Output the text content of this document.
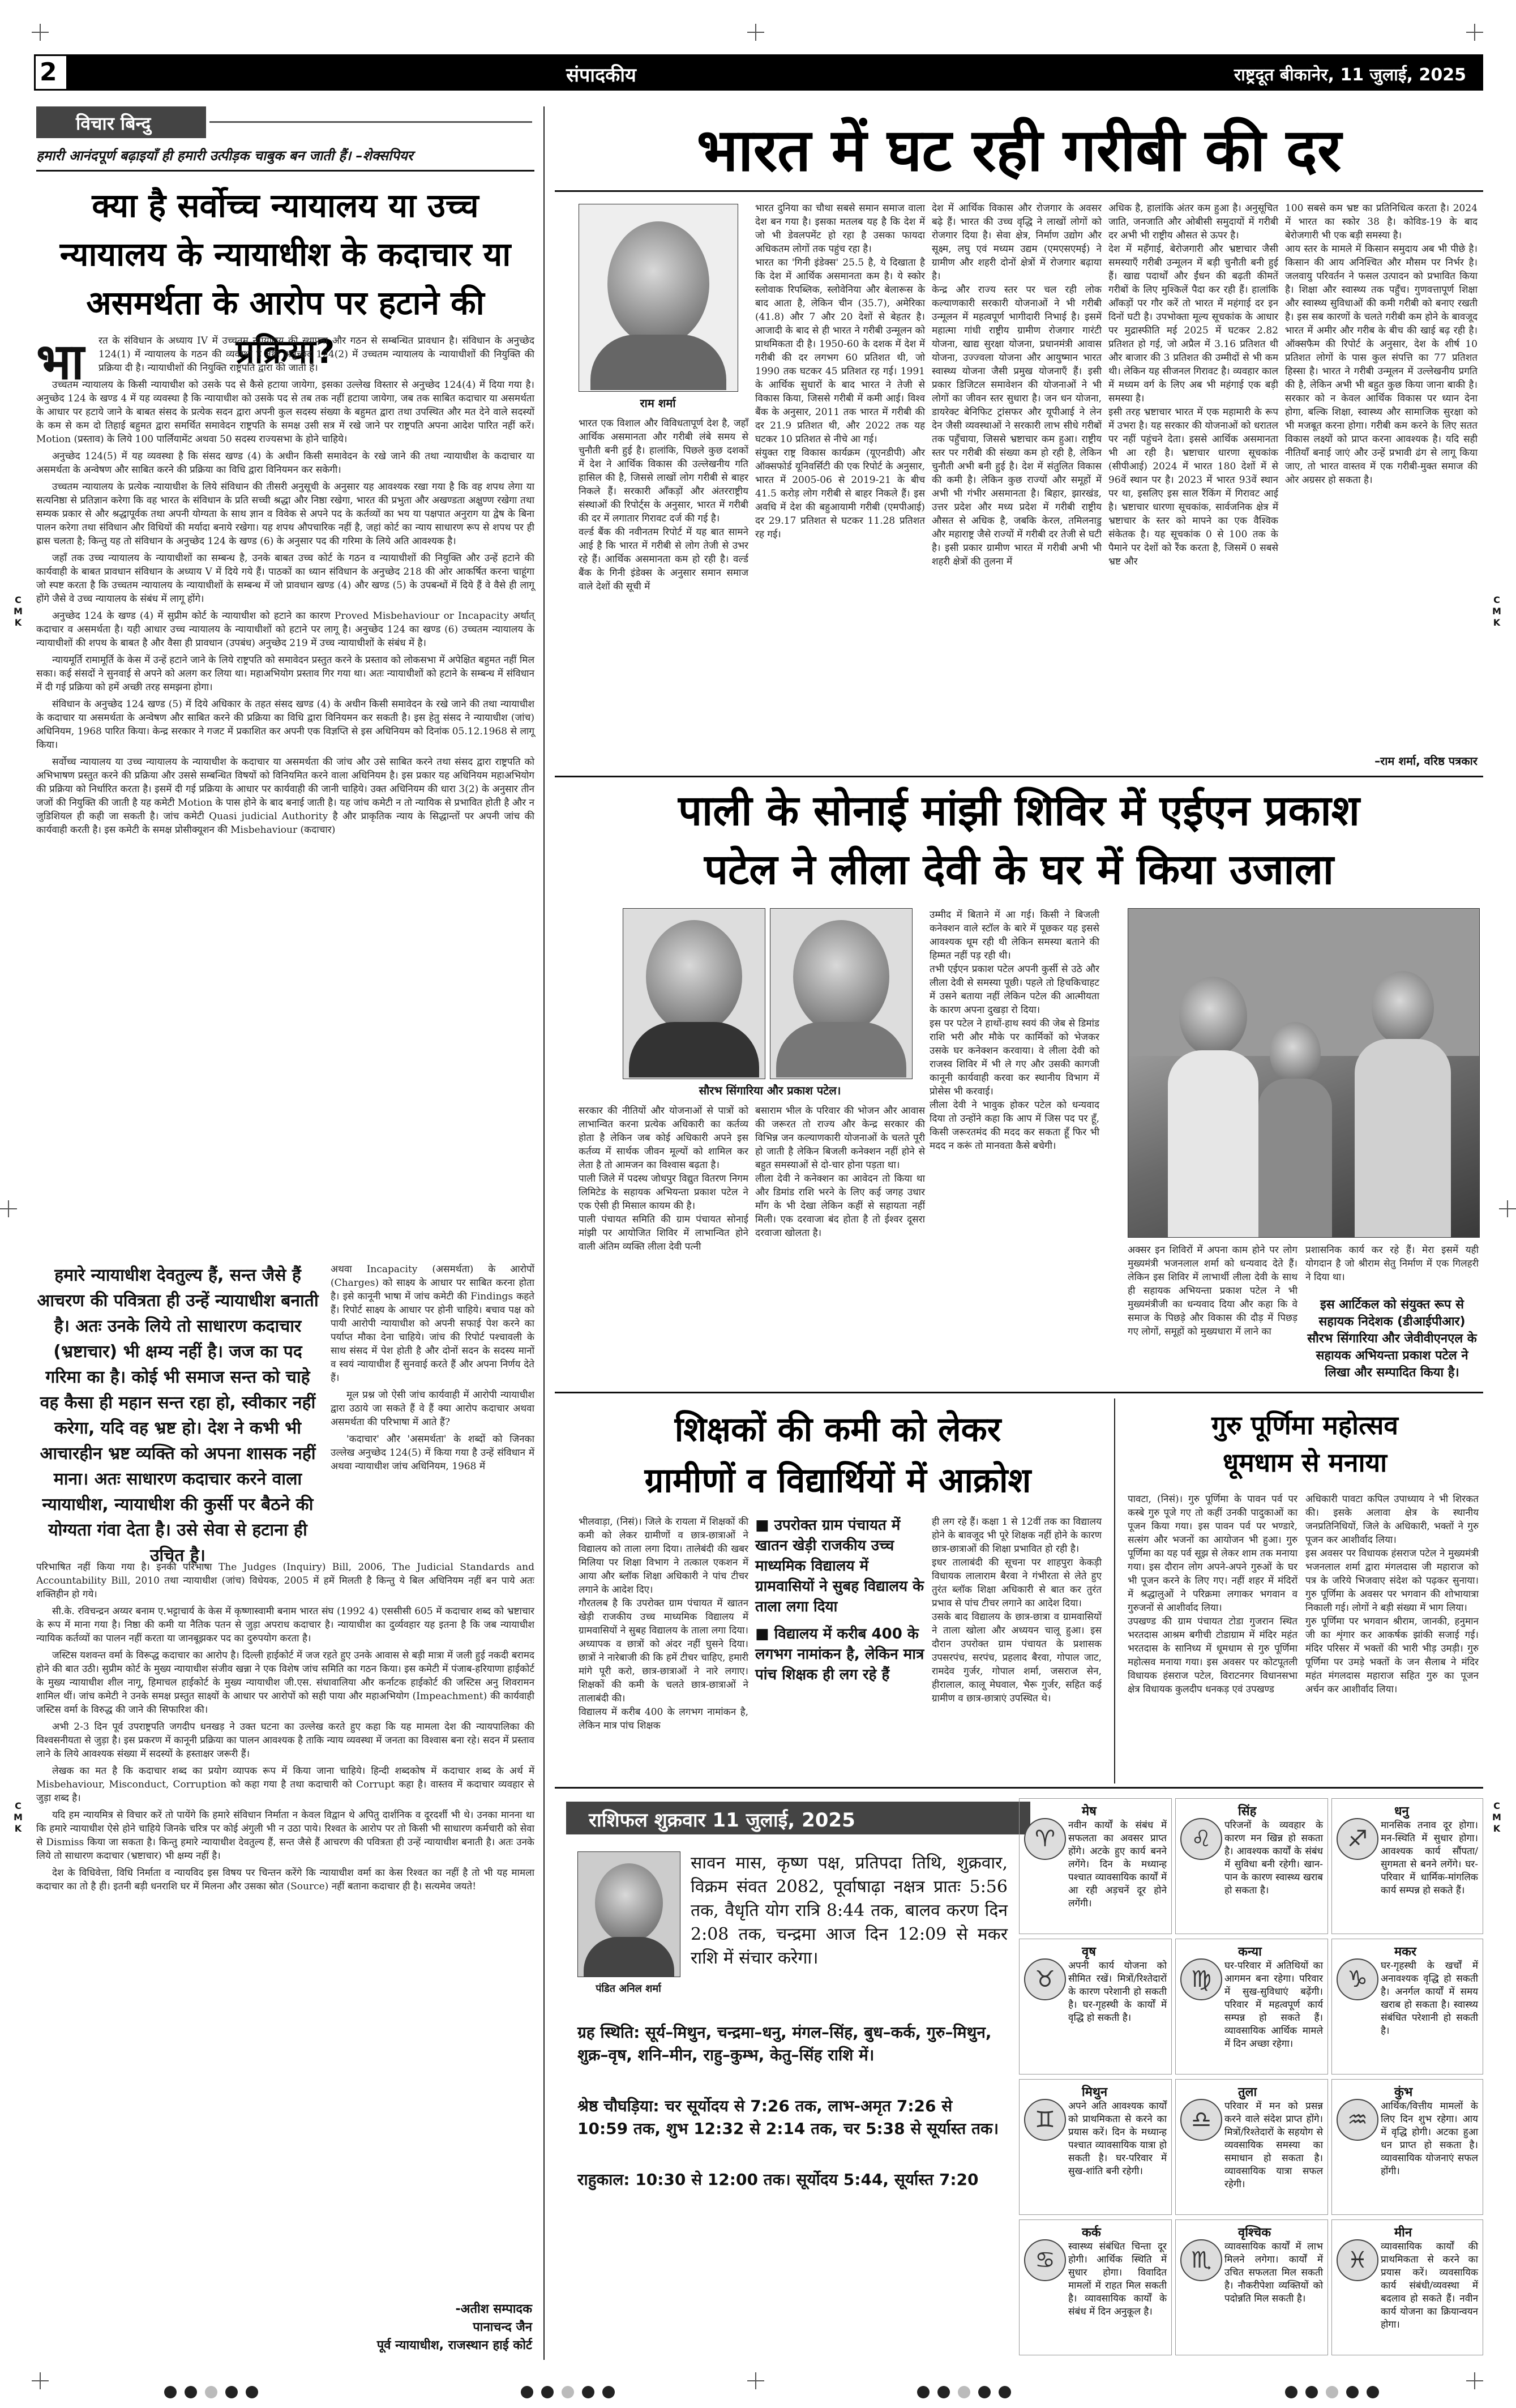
2	संपादकीय	राष्ट्रदूत बीकानेर, 11 जुलाई, 2025
C
M
K
C
M
K
C
M
K
C
M
K
विचार बिन्दु
हमारी आनंदपूर्ण बढ़ाइयाँ ही हमारी उत्पीड़क चाबुक बन जाती हैं। –शेक्सपियर
क्या है सर्वोच्च न्यायालय या उच्च न्यायालय के न्यायाधीश के कदाचार या असमर्थता के आरोप पर हटाने की प्रक्रिया?
भा	रत के संविधान के अध्याय IV में उच्चतम न्यायालय की स्थापना और गठन से सम्बन्धित प्रावधान है। संविधान के अनुच्छेद 124(1) में न्यायालय के गठन की व्यवस्था है तथा अनुच्छेद 124(2) में उच्चतम न्यायालय के न्यायाधीशों की नियुक्ति की प्रक्रिया दी है। न्यायाधीशों की नियुक्ति राष्ट्रपति द्वारा की जाती है।

उच्चतम न्यायालय के किसी न्यायाधीश को उसके पद से कैसे हटाया जायेगा, इसका उल्लेख विस्तार से अनुच्छेद 124(4) में दिया गया है। अनुच्छेद 124 के खण्ड 4 में यह व्यवस्था है कि न्यायाधीश को उसके पद से तब तक नहीं हटाया जायेगा, जब तक साबित कदाचार या असमर्थता के आधार पर हटाये जाने के बाबत संसद के प्रत्येक सदन द्वारा अपनी कुल सदस्य संख्या के बहुमत द्वारा तथा उपस्थित और मत देने वाले सदस्यों के कम से कम दो तिहाई बहुमत द्वारा समर्थित समावेदन राष्ट्रपति के समक्ष उसी सत्र में रखे जाने पर राष्ट्रपति अपना आदेश पारित नहीं करें। Motion (प्रस्ताव) के लिये 100 पार्लियामेंट अथवा 50 सदस्य राज्यसभा के होने चाहिये।

अनुच्छेद 124(5) में यह व्यवस्था है कि संसद खण्ड (4) के अधीन किसी समावेदन के रखे जाने की तथा न्यायाधीश के कदाचार या असमर्थता के अन्वेषण और साबित करने की प्रक्रिया का विधि द्वारा विनियमन कर सकेगी।

उच्चतम न्यायालय के प्रत्येक न्यायाधीश के लिये संविधान की तीसरी अनुसूची के अनुसार यह आवश्यक रखा गया है कि वह शपथ लेगा या सत्यनिष्ठा से प्रतिज्ञान करेगा कि वह भारत के संविधान के प्रति सच्ची श्रद्धा और निष्ठा रखेगा, भारत की प्रभुता और अखण्डता अक्षुण्ण रखेगा तथा सम्यक प्रकार से और श्रद्धापूर्वक तथा अपनी योग्यता के साथ ज्ञान व विवेक से अपने पद के कर्तव्यों का भय या पक्षपात अनुराग या द्वेष के बिना पालन करेगा तथा संविधान और विधियों की मर्यादा बनाये रखेगा। यह शपथ औपचारिक नहीं है, जहां कोर्ट का न्याय साधारण रूप से शपथ पर ही ह्रास चलता है; किन्तु यह तो संविधान के अनुच्छेद 124 के खण्ड (6) के अनुसार पद की गरिमा के लिये अति आवश्यक है।

जहाँ तक उच्च न्यायालय के न्यायाधीशों का सम्बन्ध है, उनके बाबत उच्च कोर्ट के गठन व न्यायाधीशों की नियुक्ति और उन्हें हटाने की कार्यवाही के बाबत प्रावधान संविधान के अध्याय V में दिये गये हैं। पाठकों का ध्यान संविधान के अनुच्छेद 218 की ओर आकर्षित करना चाहूंगा जो स्पष्ट करता है कि उच्चतम न्यायालय के न्यायाधीशों के सम्बन्ध में जो प्रावधान खण्ड (4) और खण्ड (5) के उपबन्धों में दिये हैं वे वैसे ही लागू होंगे जैसे वे उच्च न्यायालय के संबंध में लागू होंगे।

अनुच्छेद 124 के खण्ड (4) में सुप्रीम कोर्ट के न्यायाधीश को हटाने का कारण Proved Misbehaviour or Incapacity अर्थात् कदाचार व असमर्थता है। यही आधार उच्च न्यायालय के न्यायाधीशों को हटाने पर लागू है। अनुच्छेद 124 का खण्ड (6) उच्चतम न्यायालय के न्यायाधीशों की शपथ के बाबत है और वैसा ही प्रावधान (उपबंध) अनुच्छेद 219 में उच्च न्यायाधीशों के संबंध में है।

न्यायमूर्ति रामामूर्ति के केस में उन्हें हटाने जाने के लिये राष्ट्रपति को समावेदन प्रस्तुत करने के प्रस्ताव को लोकसभा में अपेक्षित बहुमत नहीं मिल सका। कई संसदों ने सुनवाई से अपने को अलग कर लिया था। महाअभियोग प्रस्ताव गिर गया था। अतः न्यायाधीशों को हटाने के सम्बन्ध में संविधान में दी गई प्रक्रिया को हमें अच्छी तरह समझना होगा।

संविधान के अनुच्छेद 124 खण्ड (5) में दिये अधिकार के तहत संसद खण्ड (4) के अधीन किसी समावेदन के रखे जाने की तथा न्यायाधीश के कदाचार या असमर्थता के अन्वेषण और साबित करने की प्रक्रिया का विधि द्वारा विनियमन कर सकती है। इस हेतु संसद ने न्यायाधीश (जांच) अधिनियम, 1968 पारित किया। केन्द्र सरकार ने गजट में प्रकाशित कर अपनी एक विज्ञप्ति से इस अधिनियम को दिनांक 05.12.1968 से लागू किया।

सर्वोच्च न्यायालय या उच्च न्यायालय के न्यायाधीश के कदाचार या असमर्थता की जांच और उसे साबित करने तथा संसद द्वारा राष्ट्रपति को अभिभाषण प्रस्तुत करने की प्रक्रिया और उससे सम्बन्धित विषयों को विनियमित करने वाला अधिनियम है। इस प्रकार यह अधिनियम महाअभियोग की प्रक्रिया को निर्धारित करता है। इसमें दी गई प्रक्रिया के आधार पर कार्यवाही की जानी चाहिये। उक्त अधिनियम की धारा 3(2) के अनुसार तीन जजों की नियुक्ति की जाती है यह कमेटी Motion के पास होने के बाद बनाई जाती है। यह जांच कमेटी न तो न्यायिक से प्रभावित होती है और न जुडिशियल ही कही जा सकती है। जांच कमेटी Quasi judicial Authority है और प्राकृतिक न्याय के सिद्धान्तों पर अपनी जांच की कार्यवाही करती है। इस कमेटी के समक्ष प्रोसीक्यूशन की Misbehaviour (कदाचार)

हमारे न्यायाधीश देवतुल्य हैं, सन्त जैसे हैं आचरण की पवित्रता ही उन्हें न्यायाधीश बनाती है। अतः उनके लिये तो साधारण कदाचार (भ्रष्टाचार) भी क्षम्य नहीं है। जज का पद गरिमा का है। कोई भी समाज सन्त को चाहे वह कैसा ही महान सन्त रहा हो, स्वीकार नहीं करेगा, यदि वह भ्रष्ट हो। देश ने कभी भी आचारहीन भ्रष्ट व्यक्ति को अपना शासक नहीं माना। अतः साधारण कदाचार करने वाला न्यायाधीश, न्यायाधीश की कुर्सी पर बैठने की योग्यता गंवा देता है। उसे सेवा से हटाना ही उचित है।

अथवा Incapacity (असमर्थता) के आरोपों (Charges) को साक्ष्य के आधार पर साबित करना होता है। इसे कानूनी भाषा में जांच कमेटी की Findings कहते हैं। रिपोर्ट साक्ष्य के आधार पर होनी चाहिये। बचाव पक्ष को पायी आरोपी न्यायाधीश को अपनी सफाई पेश करने का पर्याप्त मौका देना चाहिये। जांच की रिपोर्ट पश्चावली के साथ संसद में पेश होती है और दोनों सदन के सदस्य मानों व स्वयं न्यायाधीश हैं सुनवाई करते हैं और अपना निर्णय देते हैं।

मूल प्रश्न जो ऐसी जांच कार्यवाही में आरोपी न्यायाधीश द्वारा उठाये जा सकते हैं वे हैं क्या आरोप कदाचार अथवा असमर्थता की परिभाषा में आते हैं?

'कदाचार' और 'असमर्थता' के शब्दों को जिनका उल्लेख अनुच्छेद 124(5) में किया गया है उन्हें संविधान में अथवा न्यायाधीश जांच अधिनियम, 1968 में

परिभाषित नहीं किया गया है। इनकी परिभाषा The Judges (Inquiry) Bill, 2006, The Judicial Standards and Accountability Bill, 2010 तथा न्यायाधीश (जांच) विधेयक, 2005 में हमें मिलती है किन्तु ये बिल अधिनियम नहीं बन पाये अतः शक्तिहीन हो गये।

सी.के. रविचन्द्रन अय्यर बनाम ए.भट्टाचार्य के केस में कृष्णास्वामी बनाम भारत संघ (1992 4) एससीसी 605 में कदाचार शब्द को भ्रष्टाचार के रूप में माना गया है। निष्ठा की कमी या नैतिक पतन से जुड़ा अपराध कदाचार है। न्यायाधीश का दुर्व्यवहार यह इतना है कि जब न्यायाधीश न्यायिक कर्तव्यों का पालन नहीं करता या जानबूझकर पद का दुरुपयोग करता है।

जस्टिस यशवन्त वर्मा के विरूद्ध कदाचार का आरोप है। दिल्ली हाईकोर्ट में जज रहते हुए उनके आवास से बड़ी मात्रा में जली हुई नकदी बरामद होने की बात उठी। सुप्रीम कोर्ट के मुख्य न्यायाधीश संजीव खन्ना ने एक विशेष जांच समिति का गठन किया। इस कमेटी में पंजाब-हरियाणा हाईकोर्ट के मुख्य न्यायाधीश शील नागू, हिमाचल हाईकोर्ट के मुख्य न्यायाधीश जी.एस. संधावालिया और कर्नाटक हाईकोर्ट की जस्टिस अनु शिवरामन शामिल थीं। जांच कमेटी ने उनके समक्ष प्रस्तुत साक्ष्यों के आधार पर आरोपों को सही पाया और महाअभियोग (Impeachment) की कार्यवाही जस्टिस वर्मा के विरुद्ध की जाने की सिफारिश की।

अभी 2-3 दिन पूर्व उपराष्ट्रपति जगदीप धनखड़ ने उक्त घटना का उल्लेख करते हुए कहा कि यह मामला देश की न्यायपालिका की विश्वसनीयता से जुड़ा है। इस प्रकरण में कानूनी प्रक्रिया का पालन आवश्यक है ताकि न्याय व्यवस्था में जनता का विश्वास बना रहे। सदन में प्रस्ताव लाने के लिये आवश्यक संख्या में सदस्यों के हस्ताक्षर जरूरी हैं।

लेखक का मत है कि कदाचार शब्द का प्रयोग व्यापक रूप में किया जाना चाहिये। हिन्दी शब्दकोष में कदाचार शब्द के अर्थ में Misbehaviour, Misconduct, Corruption को कहा गया है तथा कदाचारी को Corrupt कहा है। वास्तव में कदाचार व्यवहार से जुड़ा शब्द है।

यदि हम न्यायमित्र से विचार करें तो पायेंगे कि हमारे संविधान निर्माता न केवल विद्वान थे अपितु दार्शनिक व दूरदर्शी भी थे। उनका मानना था कि हमारे न्यायाधीश ऐसे होने चाहिये जिनके चरित्र पर कोई अंगुली भी न उठा पाये। रिश्वत के आरोप पर तो किसी भी साधारण कर्मचारी को सेवा से Dismiss किया जा सकता है। किन्तु हमारे न्यायाधीश देवतुल्य हैं, सन्त जैसे हैं आचरण की पवित्रता ही उन्हें न्यायाधीश बनाती है। अतः उनके लिये तो साधारण कदाचार (भ्रष्टाचार) भी क्षम्य नहीं है।

देश के विधिवेत्ता, विधि निर्माता व न्यायविद इस विषय पर चिन्तन करेंगे कि न्यायाधीश वर्मा का केस रिश्वत का नहीं है तो भी यह मामला कदाचार का तो है ही। इतनी बड़ी धनराशि घर में मिलना और उसका स्रोत (Source) नहीं बताना कदाचार ही है। सत्यमेव जयते!

-अतीश सम्पादक
पानाचन्द जैन
पूर्व न्यायाधीश, राजस्थान हाई कोर्ट
भारत में घट रही गरीबी की दर
राम शर्मा
भारत एक विशाल और विविधतापूर्ण देश है, जहाँ आर्थिक असमानता और गरीबी लंबे समय से चुनौती बनी हुई है। हालांकि, पिछले कुछ दशकों में देश ने आर्थिक विकास की उल्लेखनीय गति हासिल की है, जिससे लाखों लोग गरीबी से बाहर निकले हैं। सरकारी आँकड़ों और अंतरराष्ट्रीय संस्थाओं की रिपोर्ट्स के अनुसार, भारत में गरीबी की दर में लगातार गिरावट दर्ज की गई है।
वर्ल्ड बैंक की नवीनतम रिपोर्ट में यह बात सामने आई है कि भारत में गरीबी से लोग तेजी से उभर रहे हैं। आर्थिक असमानता कम हो रही है। वर्ल्ड बैंक के गिनी इंडेक्स के अनुसार समान समाज वाले देशों की सूची में
भारत दुनिया का चौथा सबसे समान समाज वाला देश बन गया है। इसका मतलब यह है कि देश में जो भी डेवलपमेंट हो रहा है उसका फायदा अधिकतम लोगों तक पहुंच रहा है।
भारत का 'गिनी इंडेक्स' 25.5 है, ये दिखाता है कि देश में आर्थिक असमानता कम है। ये स्कोर स्लोवाक रिपब्लिक, स्लोवेनिया और बेलारूस के बाद आता है, लेकिन चीन (35.7), अमेरिका (41.8) और 7 और 20 देशों से बेहतर है। आजादी के बाद से ही भारत ने गरीबी उन्मूलन को प्राथमिकता दी है। 1950-60 के दशक में देश में गरीबी की दर लगभग 60 प्रतिशत थी, जो 1990 तक घटकर 45 प्रतिशत रह गई। 1991 के आर्थिक सुधारों के बाद भारत ने तेजी से विकास किया, जिससे गरीबी में कमी आई। विश्व बैंक के अनुसार, 2011 तक भारत में गरीबी की दर 21.9 प्रतिशत थी, और 2022 तक यह घटकर 10 प्रतिशत से नीचे आ गई।
संयुक्त राष्ट्र विकास कार्यक्रम (यूएनडीपी) और ऑक्सफोर्ड यूनिवर्सिटी की एक रिपोर्ट के अनुसार, भारत में 2005-06 से 2019-21 के बीच 41.5 करोड़ लोग गरीबी से बाहर निकले हैं। इस अवधि में देश की बहुआयामी गरीबी (एमपीआई) दर 29.17 प्रतिशत से घटकर 11.28 प्रतिशत रह गई।
देश में आर्थिक विकास और रोजगार के अवसर बढ़े हैं। भारत की उच्च वृद्धि ने लाखों लोगों को रोजगार दिया है। सेवा क्षेत्र, निर्माण उद्योग और सूक्ष्म, लघु एवं मध्यम उद्यम (एमएसएमई) ने ग्रामीण और शहरी दोनों क्षेत्रों में रोजगार बढ़ाया है।
केन्द्र और राज्य स्तर पर चल रही लोक कल्याणकारी सरकारी योजनाओं ने भी गरीबी उन्मूलन में महत्वपूर्ण भागीदारी निभाई है। इसमें महात्मा गांधी राष्ट्रीय ग्रामीण रोजगार गारंटी योजना, खाद्य सुरक्षा योजना, प्रधानमंत्री आवास योजना, उज्ज्वला योजना और आयुष्मान भारत स्वास्थ्य योजना जैसी प्रमुख योजनाएँ हैं। इसी प्रकार डिजिटल समावेशन की योजनाओं ने भी लोगों का जीवन स्तर सुधारा है। जन धन योजना, डायरेक्ट बेनिफिट ट्रांसफर और यूपीआई ने लेन देन जैसी व्यवस्थाओं ने सरकारी लाभ सीधे गरीबों तक पहुँचाया, जिससे भ्रष्टाचार कम हुआ। राष्ट्रीय स्तर पर गरीबी की संख्या कम हो रही है, लेकिन चुनौती अभी बनी हुई है। देश में संतुलित विकास की कमी है। लेकिन कुछ राज्यों और समूहों में अभी भी गंभीर असमानता है। बिहार, झारखंड, उत्तर प्रदेश और मध्य प्रदेश में गरीबी राष्ट्रीय औसत से अधिक है, जबकि केरल, तमिलनाडु और महाराष्ट्र जैसे राज्यों में गरीबी दर तेजी से घटी है। इसी प्रकार ग्रामीण भारत में गरीबी अभी भी शहरी क्षेत्रों की तुलना में
अधिक है, हालांकि अंतर कम हुआ है। अनुसूचित जाति, जनजाति और ओबीसी समुदायों में गरीबी दर अभी भी राष्ट्रीय औसत से ऊपर है।
देश में महँगाई, बेरोजगारी और भ्रष्टाचार जैसी समस्याएँ गरीबी उन्मूलन में बड़ी चुनौती बनी हुई हैं। खाद्य पदार्थों और ईंधन की बढ़ती कीमतें गरीबों के लिए मुश्किलें पैदा कर रही हैं। हालांकि आँकड़ों पर गौर करें तो भारत में महंगाई दर इन दिनों घटी है। उपभोक्ता मूल्य सूचकांक के आधार पर मुद्रास्फीति मई 2025 में घटकर 2.82 प्रतिशत हो गई, जो अप्रैल में 3.16 प्रतिशत थी और बाजार की 3 प्रतिशत की उम्मीदों से भी कम थी। लेकिन यह सीजनल गिरावट है। व्यवहार काल में मध्यम वर्ग के लिए अब भी महंगाई एक बड़ी समस्या है।
इसी तरह भ्रष्टाचार भारत में एक महामारी के रूप में उभरा है। यह सरकार की योजनाओं को धरातल पर नहीं पहुंचने देता। इससे आर्थिक असमानता भी आ रही है। भ्रष्टाचार धारणा सूचकांक (सीपीआई) 2024 में भारत 180 देशों में से 96वें स्थान पर है। 2023 में भारत 93वें स्थान पर था, इसलिए इस साल रैंकिंग में गिरावट आई है। भ्रष्टाचार धारणा सूचकांक, सार्वजनिक क्षेत्र में भ्रष्टाचार के स्तर को मापने का एक वैश्विक संकेतक है। यह सूचकांक 0 से 100 तक के पैमाने पर देशों को रैंक करता है, जिसमें 0 सबसे भ्रष्ट और
100 सबसे कम भ्रष्ट का प्रतिनिधित्व करता है। 2024 में भारत का स्कोर 38 है। कोविड-19 के बाद बेरोजगारी भी एक बड़ी समस्या है।
आय स्तर के मामले में किसान समुदाय अब भी पीछे है। किसान की आय अनिश्चित और मौसम पर निर्भर है। जलवायु परिवर्तन ने फसल उत्पादन को प्रभावित किया है। शिक्षा और स्वास्थ्य तक पहुँच। गुणवत्तापूर्ण शिक्षा और स्वास्थ्य सुविधाओं की कमी गरीबी को बनाए रखती है। इस सब कारणों के चलते गरीबी कम होने के बावजूद भारत में अमीर और गरीब के बीच की खाई बढ़ रही है। ऑक्सफैम की रिपोर्ट के अनुसार, देश के शीर्ष 10 प्रतिशत लोगों के पास कुल संपत्ति का 77 प्रतिशत हिस्सा है। भारत ने गरीबी उन्मूलन में उल्लेखनीय प्रगति की है, लेकिन अभी भी बहुत कुछ किया जाना बाकी है। सरकार को न केवल आर्थिक विकास पर ध्यान देना होगा, बल्कि शिक्षा, स्वास्थ्य और सामाजिक सुरक्षा को भी मजबूत करना होगा। गरीबी कम करने के लिए सतत विकास लक्ष्यों को प्राप्त करना आवश्यक है। यदि सही नीतियाँ बनाई जाएं और उन्हें प्रभावी ढंग से लागू किया जाए, तो भारत वास्तव में एक गरीबी-मुक्त समाज की ओर अग्रसर हो सकता है।
–राम शर्मा, वरिष्ठ पत्रकार
पाली के सोनाई मांझी शिविर में एईएन प्रकाश
पटेल ने लीला देवी के घर में किया उजाला
सौरभ सिंगारिया और प्रकाश पटेल।
उम्मीद में बिताने में आ गई। किसी ने बिजली कनेक्शन वाले स्टॉल के बारे में पूछकर यह इससे आवश्यक धूम रही थी लेकिन समस्या बताने की हिम्मत नहीं पड़ रही थी।
तभी एईएन प्रकाश पटेल अपनी कुर्सी से उठे और लीला देवी से समस्या पूछी। पहले तो हिचकिचाहट में उसने बताया नहीं लेकिन पटेल की आत्मीयता के कारण अपना दुखड़ा रो दिया।
इस पर पटेल ने हाथों-हाथ स्वयं की जेब से डिमांड राशि भरी और मौके पर कार्मिकों को भेजकर उसके घर कनेक्शन करवाया। वे लीला देवी को राजस्व शिविर में भी ले गए और उसकी कागजी कानूनी कार्यवाही करवा कर स्थानीय विभाग में प्रोसेस भी करवाई।
लीला देवी ने भावुक होकर पटेल को धन्यवाद दिया तो उन्होंने कहा कि आप में जिस पद पर हूँ, किसी जरूरतमंद की मदद कर सकता हूँ फिर भी मदद न करूं तो मानवता कैसे बचेगी।
सरकार की नीतियों और योजनाओं से पात्रों को लाभान्वित करना प्रत्येक अधिकारी का कर्तव्य होता है लेकिन जब कोई अधिकारी अपने इस कर्तव्य में सार्थक जीवन मूल्यों को शामिल कर लेता है तो आमजन का विश्वास बढ़ता है।
पाली जिले में पदस्थ जोधपुर विद्युत वितरण निगम लिमिटेड के सहायक अभियन्ता प्रकाश पटेल ने एक ऐसी ही मिसाल कायम की है।
पाली पंचायत समिति की ग्राम पंचायत सोनाई मांझी पर आयोजित शिविर में लाभान्वित होने वाली अंतिम व्यक्ति लीला देवी पत्नी
बसाराम भील के परिवार की भोजन और आवास की जरूरत तो राज्य और केन्द्र सरकार की विभिन्न जन कल्याणकारी योजनाओं के चलते पूरी हो जाती है लेकिन बिजली कनेक्शन नहीं होने से बहुत समस्याओं से दो-चार होना पड़ता था।
लीला देवी ने कनेक्शन का आवेदन तो किया था और डिमांड राशि भरने के लिए कई जगह उधार माँग के भी देखा लेकिन कहीं से सहायता नहीं मिली। एक दरवाजा बंद होता है तो ईश्वर दूसरा दरवाजा खोलता है।
अक्सर इन शिविरों में अपना काम होने पर लोग मुख्यमंत्री भजनलाल शर्मा को धन्यवाद देते हैं। लेकिन इस शिविर में लाभार्थी लीला देवी के साथ ही सहायक अभियन्ता प्रकाश पटेल ने भी मुख्यमंत्रीजी का धन्यवाद दिया और कहा कि वे समाज के पिछड़े और विकास की दौड़ में पिछड़ गए लोगों, समूहों को मुख्यधारा में लाने का
प्रशासनिक कार्य कर रहे हैं। मेरा इसमें यही योगदान है जो श्रीराम सेतु निर्माण में एक गिलहरी ने दिया था।
इस आर्टिकल को संयुक्त रूप से सहायक निदेशक (डीआईपीआर) सौरभ सिंगारिया और जेवीवीएनएल के सहायक अभियन्ता प्रकाश पटेल ने लिखा और सम्पादित किया है।
शिक्षकों की कमी को लेकर
ग्रामीणों व विद्यार्थियों में आक्रोश
भीलवाड़ा, (निसं)। जिले के रायला में शिक्षकों की कमी को लेकर ग्रामीणों व छात्र-छात्राओं ने विद्यालय को ताला लगा दिया। तालेबंदी की खबर मिलिया पर शिक्षा विभाग ने तत्काल एकशन में आया और ब्लॉक शिक्षा अधिकारी ने पांच टीचर लगाने के आदेश दिए।
गौरतलब है कि उपरोक्त ग्राम पंचायत में खातन खेड़ी राजकीय उच्च माध्यमिक विद्यालय में ग्रामवासियों ने सुबह विद्यालय के ताला लगा दिया। अध्यापक व छात्रों को अंदर नहीं घुसने दिया। छात्रों ने नारेबाजी की कि हमें टीचर चाहिए, हमारी मांगे पूरी करो, छात्र-छात्राओं ने नारे लगाए। शिक्षकों की कमी के चलते छात्र-छात्राओं ने तालाबंदी की।
विद्यालय में करीब 400 के लगभग नामांकन है, लेकिन मात्र पांच शिक्षक

■ उपरोक्त ग्राम पंचायत में खातन खेड़ी राजकीय उच्च माध्यमिक विद्यालय में ग्रामवासियों ने सुबह विद्यालय के ताला लगा दिया

■ विद्यालय में करीब 400 के लगभग नामांकन है, लेकिन मात्र पांच शिक्षक ही लग रहे हैं

ही लग रहे हैं। कक्षा 1 से 12वीं तक का विद्यालय होने के बावजूद भी पूरे शिक्षक नहीं होने के कारण छात्र-छात्राओं की शिक्षा प्रभावित हो रही है।
इधर तालाबंदी की सूचना पर शाहपुरा केकड़ी विधायक लालाराम बैरवा ने गंभीरता से लेते हुए तुरंत ब्लॉक शिक्षा अधिकारी से बात कर तुरंत प्रभाव से पांच टीचर लगाने का आदेश दिया।
उसके बाद विद्यालय के छात्र-छात्रा व ग्रामवासियों ने ताला खोला और अध्ययन चालू हुआ। इस दौरान उपरोक्त ग्राम पंचायत के प्रशासक उपसरपंच, सरपंच, प्रहलाद बैरवा, गोपाल जाट, रामदेव गुर्जर, गोपाल शर्मा, जसराज सेन, हीरालाल, कालू मेघवाल, भैरू गुर्जर, सहित कई ग्रामीण व छात्र-छात्राएं उपस्थित थे।
गुरु पूर्णिमा महोत्सव
धूमधाम से मनाया
पावटा, (निसं)। गुरु पूर्णिमा के पावन पर्व पर कस्बे गुरु पूजे गए तो कहीं उनकी पादुकाओं का पूजन किया गया। इस पावन पर्व पर भण्डारे, सत्संग और भजनों का आयोजन भी हुआ। गुरु पूर्णिमा का यह पर्व सूझ से लेकर शाम तक मनाया गया। इस दौरान लोग अपने-अपने गुरुओं के घर भी पूजन करने के लिए गए। नहीं शहर में मंदिरों में श्रद्धालुओं ने परिक्रमा लगाकर भगवान व गुरुजनों से आशीर्वाद लिया।
उपखण्ड की ग्राम पंचायत टोडा गुजरान स्थित भरतदास आश्रम बगीची टोडाग्राम में मंदिर महंत भरतदास के सानिध्य में धूमधाम से गुरु पूर्णिमा महोत्सव मनाया गया। इस अवसर पर कोटपूतली विधायक हंसराज पटेल, विराटनगर विधानसभा क्षेत्र विधायक कुलदीप धनकड़ एवं उपखण्ड
अधिकारी पावटा कपिल उपाध्याय ने भी शिरकत की। इसके अलावा क्षेत्र के स्थानीय जनप्रतिनिधियों, जिले के अधिकारी, भक्तों ने गुरु पूजन कर आशीर्वाद लिया।
इस अवसर पर विधायक हंसराज पटेल ने मुख्यमंत्री भजनलाल शर्मा द्वारा मंगलदास जी महाराज को पत्र के जरिये भिजवाए संदेश को पढ़कर सुनाया। गुरु पूर्णिमा के अवसर पर भगवान की शोभायात्रा निकाली गई। लोगों ने बड़ी संख्या में भाग लिया।
गुरु पूर्णिमा पर भगवान श्रीराम, जानकी, हनुमान जी का शृंगार कर आकर्षक झांकी सजाई गई। मंदिर परिसर में भक्तों की भारी भीड़ उमड़ी। गुरु पूर्णिमा पर उमड़े भक्तों के जन सैलाब ने मंदिर महंत मंगलदास महाराज सहित गुरु का पूजन अर्चन कर आशीर्वाद लिया।
राशिफल शुक्रवार 11 जुलाई, 2025
पंडित अनिल शर्मा
सावन मास, कृष्ण पक्ष, प्रतिपदा तिथि, शुक्रवार, विक्रम संवत 2082, पूर्वाषाढ़ा नक्षत्र प्रातः 5:56 तक, वैधृति योग रात्रि 8:44 तक, बालव करण दिन 2:08 तक, चन्द्रमा आज दिन 12:09 से मकर राशि में संचार करेगा।
ग्रह स्थिति: सूर्य–मिथुन, चन्द्रमा–धनु, मंगल–सिंह, बुध–कर्क, गुरु–मिथुन, शुक्र–वृष, शनि–मीन, राहु–कुम्भ, केतु–सिंह राशि में।
श्रेष्ठ चौघड़िया: चर सूर्योदय से 7:26 तक, लाभ-अमृत 7:26 से 10:59 तक, शुभ 12:32 से 2:14 तक, चर 5:38 से सूर्यास्त तक।
राहुकाल: 10:30 से 12:00 तक। सूर्योदय 5:44, सूर्यास्त 7:20
मेष
♈
नवीन कार्यों के संबंध में सफलता का अवसर प्राप्त होंगे। अटके हुए कार्य बनने लगेंगे। दिन के मध्यान्ह पश्चात व्यावसायिक कार्यों में आ रही अड़चनें दूर होने लगेंगी।
सिंह
♌
परिजनों के व्यवहार के कारण मन खिन्न हो सकता है। आवश्यक कार्यों के संबंध में सुविधा बनी रहेगी। खान-पान के कारण स्वास्थ्य खराब हो सकता है।
धनु
♐
मानसिक तनाव दूर होगा। मन-स्थिति में सुधार होगा। आवश्यक कार्य सौंपता/सुगमता से बनने लगेंगे। घर-परिवार में धार्मिक-मांगलिक कार्य सम्पन्न हो सकते हैं।
वृष
♉
अपनी कार्य योजना को सीमित रखें। मित्रों/रिश्तेदारों के कारण परेशानी हो सकती है। घर-गृहस्थी के कार्यों में वृद्धि हो सकती है।
कन्या
♍
घर-परिवार में अतिथियों का आगमन बना रहेगा। परिवार में सुख-सुविधाएं बढ़ेंगी। परिवार में महत्वपूर्ण कार्य सम्पन्न हो सकते हैं। व्यावसायिक आर्थिक मामले में दिन अच्छा रहेगा।
मकर
♑
घर-गृहस्थी के खर्चों में अनावश्यक वृद्धि हो सकती है। अनर्गल कार्यों में समय खराब हो सकता है। स्वास्थ्य संबंधित परेशानी हो सकती है।
मिथुन
♊
अपने अति आवश्यक कार्यों को प्राथमिकता से करने का प्रयास करें। दिन के मध्यान्ह पश्चात व्यावसायिक यात्रा हो सकती है। घर-परिवार में सुख-शांति बनी रहेगी।
तुला
♎
परिवार में मन को प्रसन्न करने वाले संदेश प्राप्त होंगे। मित्रों/रिश्तेदारों के सहयोग से व्यवसायिक समस्या का समाधान हो सकता है। व्यावसायिक यात्रा सफल रहेगी।
कुंभ
♒
आर्थिक/वित्तीय मामलों के लिए दिन शुभ रहेगा। आय में वृद्धि होगी। अटका हुआ धन प्राप्त हो सकता है। व्यावसायिक योजनाएं सफल होंगी।
कर्क
♋
स्वास्थ्य संबंधित चिन्ता दूर होगी। आर्थिक स्थिति में सुधार होगा। विवादित मामलों में राहत मिल सकती है। व्यावसायिक कार्यों के संबंध में दिन अनुकूल है।
वृश्चिक
♏
व्यावसायिक कार्यों में लाभ मिलने लगेगा। कार्यों में उचित सफलता मिल सकती है। नौकरीपेशा व्यक्तियों को पदोन्नति मिल सकती है।
मीन
♓
व्यावसायिक कार्यों की प्राथमिकता से करने का प्रयास करें। व्यवसायिक कार्य संबंधी/व्यवस्था में बदलाव हो सकते हैं। नवीन कार्य योजना का क्रियान्वयन होगा।
